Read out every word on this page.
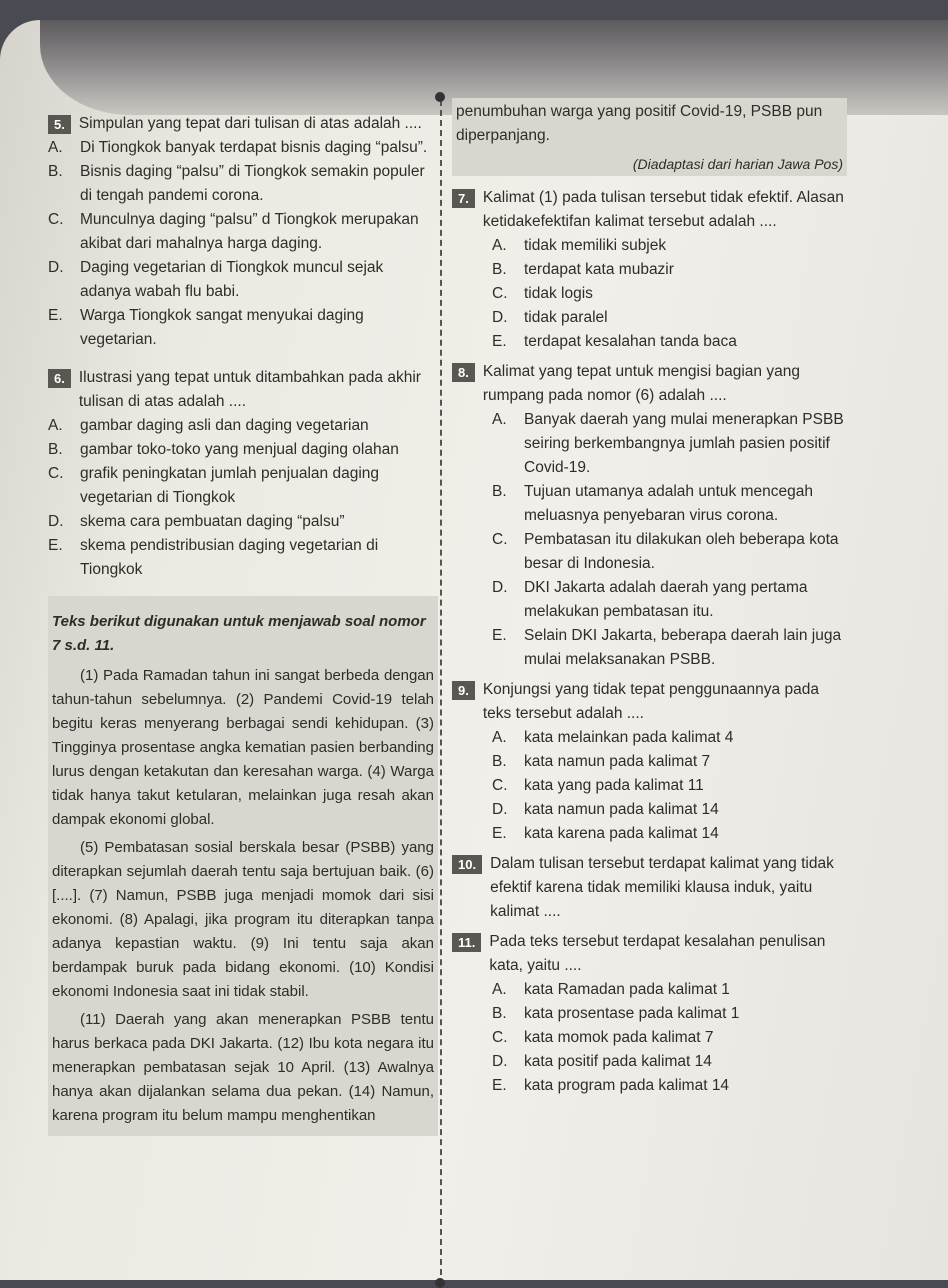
5. Simpulan yang tepat dari tulisan di atas adalah ....
A.	Di Tiongkok banyak terdapat bisnis daging “palsu”.
B.	Bisnis daging “palsu” di Tiongkok semakin populer di tengah pandemi corona.
C.	Munculnya daging “palsu” d Tiongkok merupakan akibat dari mahalnya harga daging.
D.	Daging vegetarian di Tiongkok muncul sejak adanya wabah flu babi.
E.	Warga Tiongkok sangat menyukai daging vegetarian.
6. Ilustrasi yang tepat untuk ditambahkan pada akhir tulisan di atas adalah ....
A.	gambar daging asli dan daging vegetarian
B.	gambar toko-toko yang menjual daging olahan
C.	grafik peningkatan jumlah penjualan daging vegetarian di Tiongkok
D.	skema cara pembuatan daging “palsu”
E.	skema pendistribusian daging vegetarian di Tiongkok
Teks berikut digunakan untuk menjawab soal nomor 7 s.d. 11.

(1) Pada Ramadan tahun ini sangat berbeda dengan tahun-tahun sebelumnya. (2) Pandemi Covid-19 telah begitu keras menyerang berbagai sendi kehidupan. (3) Tingginya prosentase angka kematian pasien berbanding lurus dengan ketakutan dan keresahan warga. (4) Warga tidak hanya takut ketularan, melainkan juga resah akan dampak ekonomi global.

(5) Pembatasan sosial berskala besar (PSBB) yang diterapkan sejumlah daerah tentu saja bertujuan baik. (6) [....]. (7) Namun, PSBB juga menjadi momok dari sisi ekonomi. (8) Apalagi, jika program itu diterapkan tanpa adanya kepastian waktu. (9) Ini tentu saja akan berdampak buruk pada bidang ekonomi. (10) Kondisi ekonomi Indonesia saat ini tidak stabil.

(11) Daerah yang akan menerapkan PSBB tentu harus berkaca pada DKI Jakarta. (12) Ibu kota negara itu menerapkan pembatasan sejak 10 April. (13) Awalnya hanya akan dijalankan selama dua pekan. (14) Namun, karena program itu belum mampu menghentikan

penumbuhan warga yang positif Covid-19, PSBB pun diperpanjang.
(Diadaptasi dari harian Jawa Pos)
7. Kalimat (1) pada tulisan tersebut tidak efektif. Alasan ketidakefektifan kalimat tersebut adalah ....
A.	tidak memiliki subjek
B.	terdapat kata mubazir
C.	tidak logis
D.	tidak paralel
E.	terdapat kesalahan tanda baca
8. Kalimat yang tepat untuk mengisi bagian yang rumpang pada nomor (6) adalah ....
A.	Banyak daerah yang mulai menerapkan PSBB seiring berkembangnya jumlah pasien positif Covid-19.
B.	Tujuan utamanya adalah untuk mencegah meluasnya penyebaran virus corona.
C.	Pembatasan itu dilakukan oleh beberapa kota besar di Indonesia.
D.	DKI Jakarta adalah daerah yang pertama melakukan pembatasan itu.
E.	Selain DKI Jakarta, beberapa daerah lain juga mulai melaksanakan PSBB.
9. Konjungsi yang tidak tepat penggunaannya pada teks tersebut adalah ....
A.	kata melainkan pada kalimat 4
B.	kata namun pada kalimat 7
C.	kata yang pada kalimat 11
D.	kata namun pada kalimat 14
E.	kata karena pada kalimat 14
10. Dalam tulisan tersebut terdapat kalimat yang tidak efektif karena tidak memiliki klausa induk, yaitu kalimat ....
11. Pada teks tersebut terdapat kesalahan penulisan kata, yaitu ....
A.	kata Ramadan pada kalimat 1
B.	kata prosentase pada kalimat 1
C.	kata momok pada kalimat 7
D.	kata positif pada kalimat 14
E.	kata program pada kalimat 14
